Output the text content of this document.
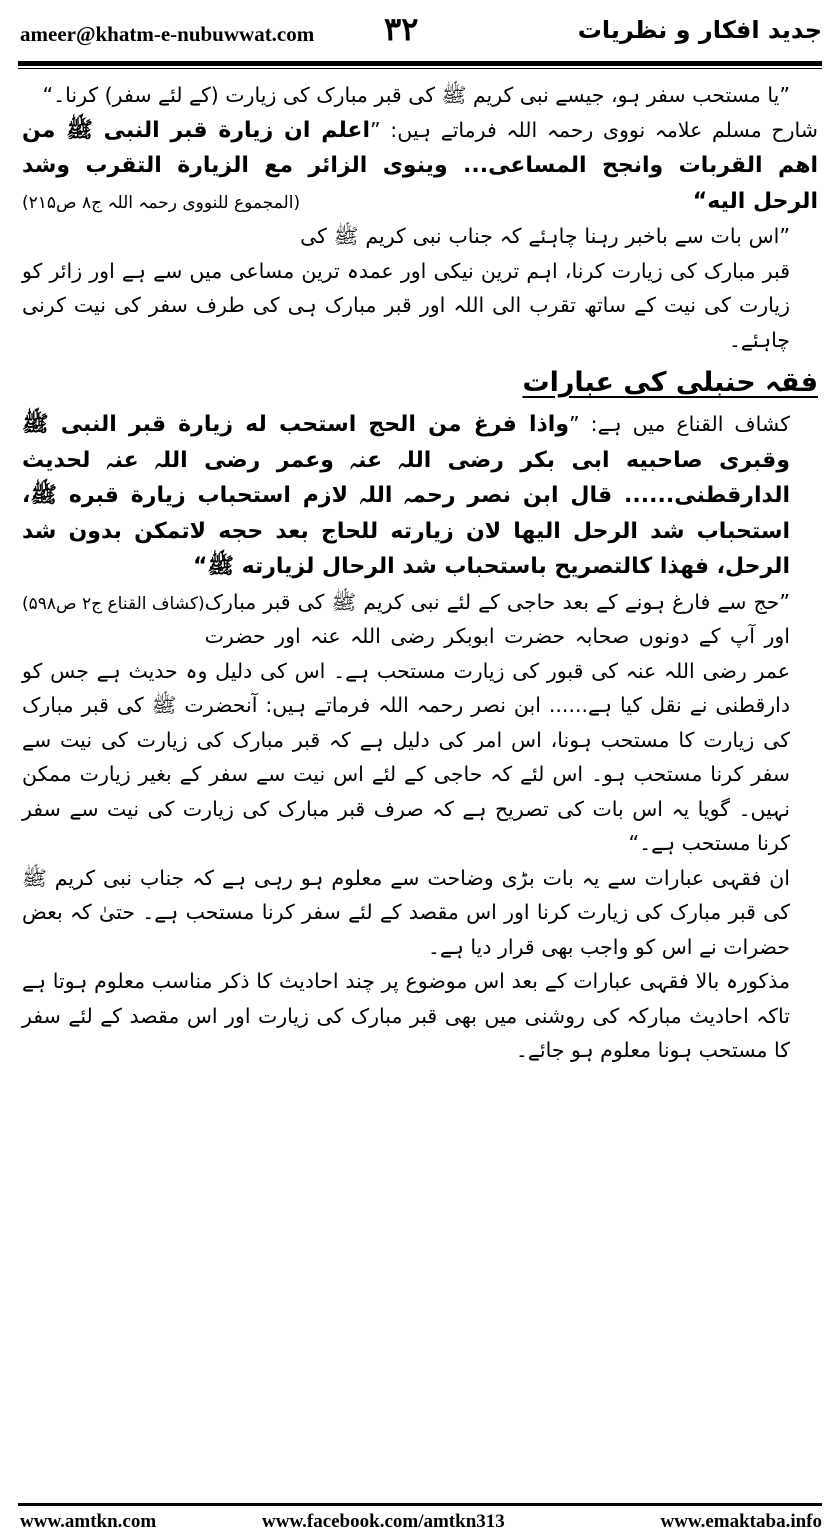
ameer@khatm-e-nubuwwat.com ۳۲	جدید افکار و نظریات

”یا مستحب سفر ہو، جیسے نبی کریم ﷺ کی قبر مبارک کی زیارت (کے لئے سفر) کرنا۔“

شارح مسلم علامہ نووی رحمہ اللہ فرماتے ہیں: ”اعلم ان زیارة قبر النبی ﷺ من اهم القربات وانجح المساعی... وینوی الزائر مع الزیارة التقرب وشد الرحل الیه“
(المجموع للنووی رحمہ اللہ ج۸ ص۲۱۵)

”اس بات سے باخبر رہنا چاہئے کہ جناب نبی کریم ﷺ کی قبر مبارک کی زیارت کرنا، اہم ترین نیکی اور عمدہ ترین مساعی میں سے ہے اور زائر کو زیارت کی نیت کے ساتھ تقرب الی اللہ اور قبر مبارک ہی کی طرف سفر کی نیت کرنی چاہئے۔

فقہ حنبلی کی عبارات

کشاف القناع میں ہے: ”واذا فرغ من الحج استحب له زیارة قبر النبی ﷺ وقبری صاحبیه ابی بکر رضی اللہ عنہ وعمر رضی اللہ عنہ لحدیث الدارقطنی...... قال ابن نصر رحمہ اللہ لازم استحباب زیارة قبره ﷺ، استحباب شد الرحل الیها لان زیارته للحاج بعد حجه لاتمکن بدون شد الرحل، فهذا کالتصریح باستحباب شد الرحال لزیارته ﷺ“
(کشاف القناع ج۲ ص۵۹۸) ”حج سے فارغ ہونے کے بعد حاجی کے لئے نبی کریم ﷺ کی قبر مبارک اور آپ کے دونوں صحابہ حضرت ابوبکر رضی اللہ عنہ اور حضرت عمر رضی اللہ عنہ کی قبور کی زیارت مستحب ہے۔ اس کی دلیل وہ حدیث ہے جس کو دارقطنی نے نقل کیا ہے...... ابن نصر رحمہ اللہ فرماتے ہیں: آنحضرت ﷺ کی قبر مبارک کی زیارت کا مستحب ہونا، اس امر کی دلیل ہے کہ قبر مبارک کی زیارت کی نیت سے سفر کرنا مستحب ہو۔ اس لئے کہ حاجی کے لئے اس نیت سے سفر کے بغیر زیارت ممکن نہیں۔ گویا یہ اس بات کی تصریح ہے کہ صرف قبر مبارک کی زیارت کی نیت سے سفر کرنا مستحب ہے۔“

ان فقہی عبارات سے یہ بات بڑی وضاحت سے معلوم ہو رہی ہے کہ جناب نبی کریم ﷺ کی قبر مبارک کی زیارت کرنا اور اس مقصد کے لئے سفر کرنا مستحب ہے۔ حتیٰ کہ بعض حضرات نے اس کو واجب بھی قرار دیا ہے۔

مذکورہ بالا فقہی عبارات کے بعد اس موضوع پر چند احادیث کا ذکر مناسب معلوم ہوتا ہے تاکہ احادیث مبارکہ کی روشنی میں بھی قبر مبارک کی زیارت اور اس مقصد کے لئے سفر کا مستحب ہونا معلوم ہو جائے۔

www.amtkn.com	www.facebook.com/amtkn313	www.emaktaba.info
